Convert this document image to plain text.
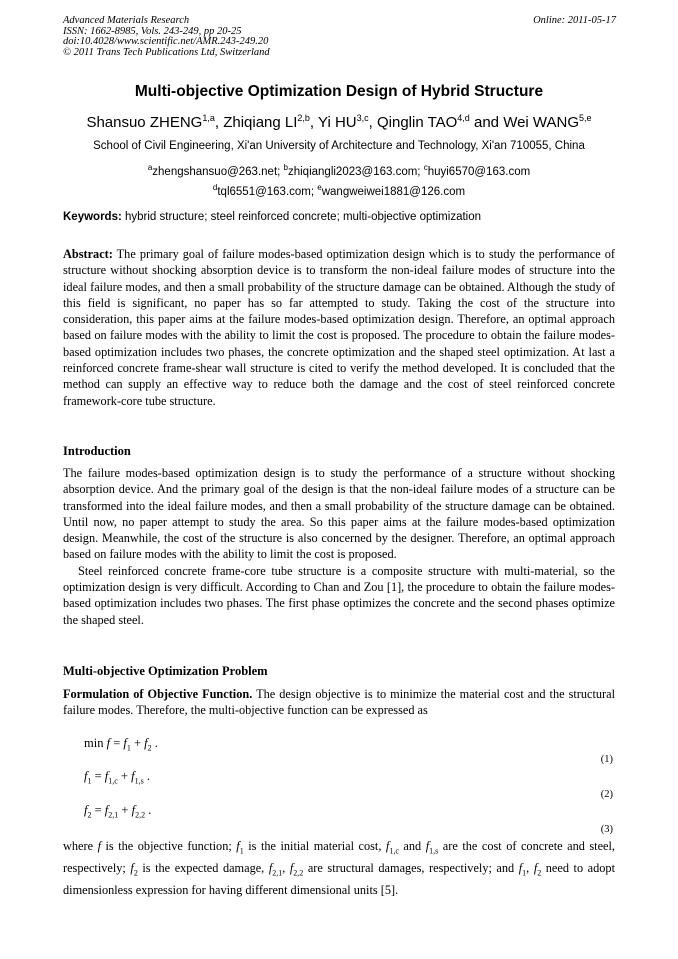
Advanced Materials Research
ISSN: 1662-8985, Vols. 243-249, pp 20-25
doi:10.4028/www.scientific.net/AMR.243-249.20
© 2011 Trans Tech Publications Ltd, Switzerland
Online: 2011-05-17
Multi-objective Optimization Design of Hybrid Structure
Shansuo ZHENG$^{1,a}$, Zhiqiang LI$^{2,b}$, Yi HU$^{3,c}$, Qinglin TAO$^{4,d}$ and Wei WANG$^{5,e}$
School of Civil Engineering, Xi'an University of Architecture and Technology, Xi'an 710055, China
$^a$zhengshansuo@263.net; $^b$zhiqiangli2023@163.com; $^c$huyi6570@163.com
$^d$tql6551@163.com; $^e$wangweiwei1881@126.com
Keywords: hybrid structure; steel reinforced concrete; multi-objective optimization

Abstract: The primary goal of failure modes-based optimization design which is to study the performance of structure without shocking absorption device is to transform the non-ideal failure modes of structure into the ideal failure modes, and then a small probability of the structure damage can be obtained. Although the study of this field is significant, no paper has so far attempted to study. Taking the cost of the structure into consideration, this paper aims at the failure modes-based optimization design. Therefore, an optimal approach based on failure modes with the ability to limit the cost is proposed. The procedure to obtain the failure modes-based optimization includes two phases, the concrete optimization and the shaped steel optimization. At last a reinforced concrete frame-shear wall structure is cited to verify the method developed. It is concluded that the method can supply an effective way to reduce both the damage and the cost of steel reinforced concrete framework-core tube structure.

Introduction

The failure modes-based optimization design is to study the performance of a structure without shocking absorption device. And the primary goal of the design is that the non-ideal failure modes of a structure can be transformed into the ideal failure modes, and then a small probability of the structure damage can be obtained. Until now, no paper attempt to study the area. So this paper aims at the failure modes-based optimization design. Meanwhile, the cost of the structure is also concerned by the designer. Therefore, an optimal approach based on failure modes with the ability to limit the cost is proposed.

Steel reinforced concrete frame-core tube structure is a composite structure with multi-material, so the optimization design is very difficult. According to Chan and Zou [1], the procedure to obtain the failure modes-based optimization includes two phases. The first phase optimizes the concrete and the second phases optimize the shaped steel.

Multi-objective Optimization Problem

Formulation of Objective Function. The design objective is to minimize the material cost and the structural failure modes. Therefore, the multi-objective function can be expressed as

$\min f = f_1 + f_2$ .
(1)
$f_1 = f_{1,c} + f_{1,s}$ .
(2)
$f_2 = f_{2,1} + f_{2,2}$ .
(3)

where f is the objective function; $f_1$ is the initial material cost, $f_{1,c}$ and $f_{1,s}$ are the cost of concrete and steel, respectively; $f_2$ is the expected damage, $f_{2,1}$, $f_{2,2}$ are structural damages, respectively; and $f_1$, $f_2$ need to adopt dimensionless expression for having different dimensional units [5].
